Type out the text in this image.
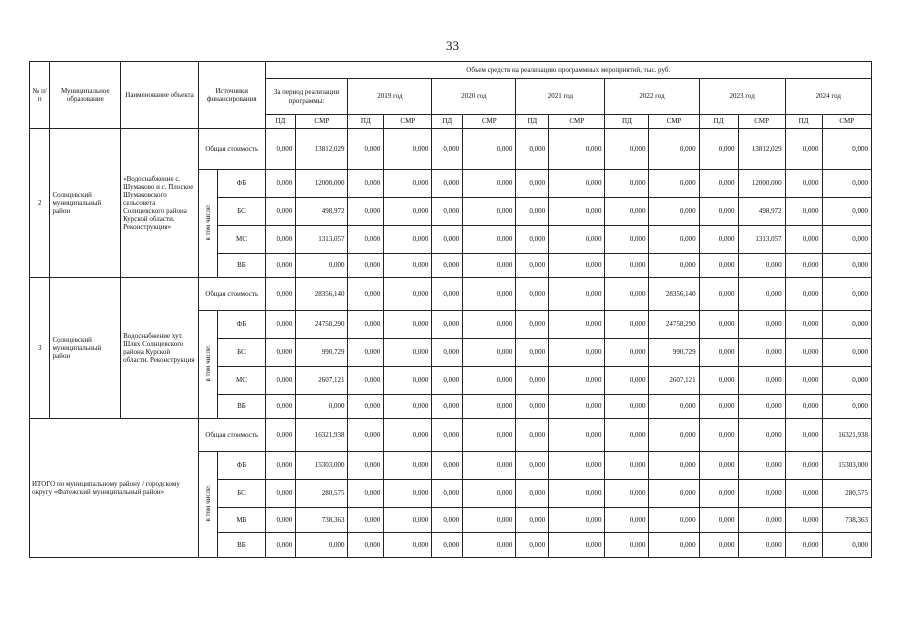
33
№ п/п	Муниципальное образование	Наименование объекта	Источники финансирования		Объем средств на реализацию программных мероприятий, тыс. руб.													
					За период реализации программы:		2019 год		2020 год		2021 год		2022 год		2023 год		2024 год	
					ПД	СМР	ПД	СМР	ПД	СМР	ПД	СМР	ПД	СМР	ПД	СМР	ПД	СМР
2	Солнцевский муниципальный район	«Водоснабжение с. Шумаково и с. Плоское Шумаковского сельсовета Солнцевского района Курской области. Реконструкция»	Общая стоимость		0,000	13812,029	0,000	0,000	0,000	0,000	0,000	0,000	0,000	0,000	0,000	13812,029	0,000	0,000
			в том числе:	ФБ	0,000	12000,000	0,000	0,000	0,000	0,000	0,000	0,000	0,000	0,000	0,000	12000,000	0,000	0,000
				БС	0,000	498,972	0,000	0,000	0,000	0,000	0,000	0,000	0,000	0,000	0,000	498,972	0,000	0,000
				МС	0,000	1313,057	0,000	0,000	0,000	0,000	0,000	0,000	0,000	0,000	0,000	1313,057	0,000	0,000
				ВБ	0,000	0,000	0,000	0,000	0,000	0,000	0,000	0,000	0,000	0,000	0,000	0,000	0,000	0,000
3	Солнцевский муниципальный район	Водоснабжение хут. Шлях Солнцевского района Курской области. Реконструкция	Общая стоимость		0,000	28356,140	0,000	0,000	0,000	0,000	0,000	0,000	0,000	28356,140	0,000	0,000	0,000	0,000
			в том числе:	ФБ	0,000	24758,290	0,000	0,000	0,000	0,000	0,000	0,000	0,000	24758,290	0,000	0,000	0,000	0,000
				БС	0,000	990,729	0,000	0,000	0,000	0,000	0,000	0,000	0,000	990,729	0,000	0,000	0,000	0,000
				МС	0,000	2607,121	0,000	0,000	0,000	0,000	0,000	0,000	0,000	2607,121	0,000	0,000	0,000	0,000
				ВБ	0,000	0,000	0,000	0,000	0,000	0,000	0,000	0,000	0,000	0,000	0,000	0,000	0,000	0,000
ИТОГО по муниципальному району / городскому округу «Фатежский муниципальный район»			Общая стоимость		0,000	16321,938	0,000	0,000	0,000	0,000	0,000	0,000	0,000	0,000	0,000	0,000	0,000	16321,938
			в том числе:	ФБ	0,000	15303,000	0,000	0,000	0,000	0,000	0,000	0,000	0,000	0,000	0,000	0,000	0,000	15303,000
				БС	0,000	280,575	0,000	0,000	0,000	0,000	0,000	0,000	0,000	0,000	0,000	0,000	0,000	280,575
				МБ	0,000	738,363	0,000	0,000	0,000	0,000	0,000	0,000	0,000	0,000	0,000	0,000	0,000	738,363
				ВБ	0,000	0,000	0,000	0,000	0,000	0,000	0,000	0,000	0,000	0,000	0,000	0,000	0,000	0,000
